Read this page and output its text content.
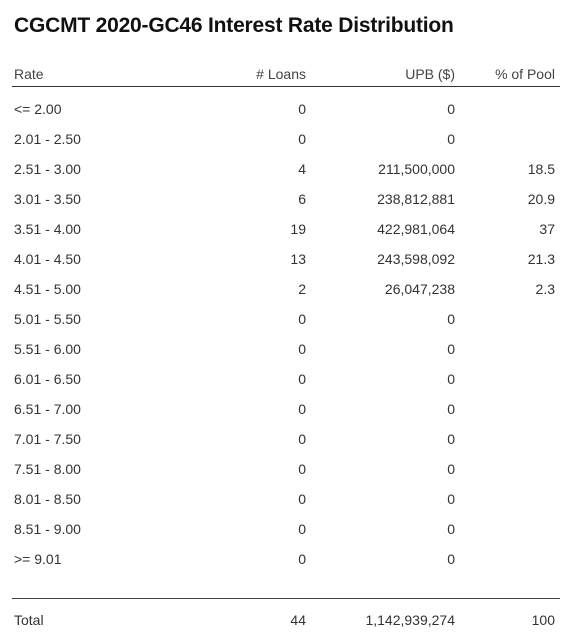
CGCMT 2020-GC46 Interest Rate Distribution
Rate	# Loans	UPB ($)	% of Pool
<= 2.00	0	0
2.01 - 2.50	0	0
2.51 - 3.00	4	211,500,000	18.5
3.01 - 3.50	6	238,812,881	20.9
3.51 - 4.00	19	422,981,064	37
4.01 - 4.50	13	243,598,092	21.3
4.51 - 5.00	2	26,047,238	2.3
5.01 - 5.50	0	0
5.51 - 6.00	0	0
6.01 - 6.50	0	0
6.51 - 7.00	0	0
7.01 - 7.50	0	0
7.51 - 8.00	0	0
8.01 - 8.50	0	0
8.51 - 9.00	0	0
>= 9.01	0	0
Total	44	1,142,939,274	100
